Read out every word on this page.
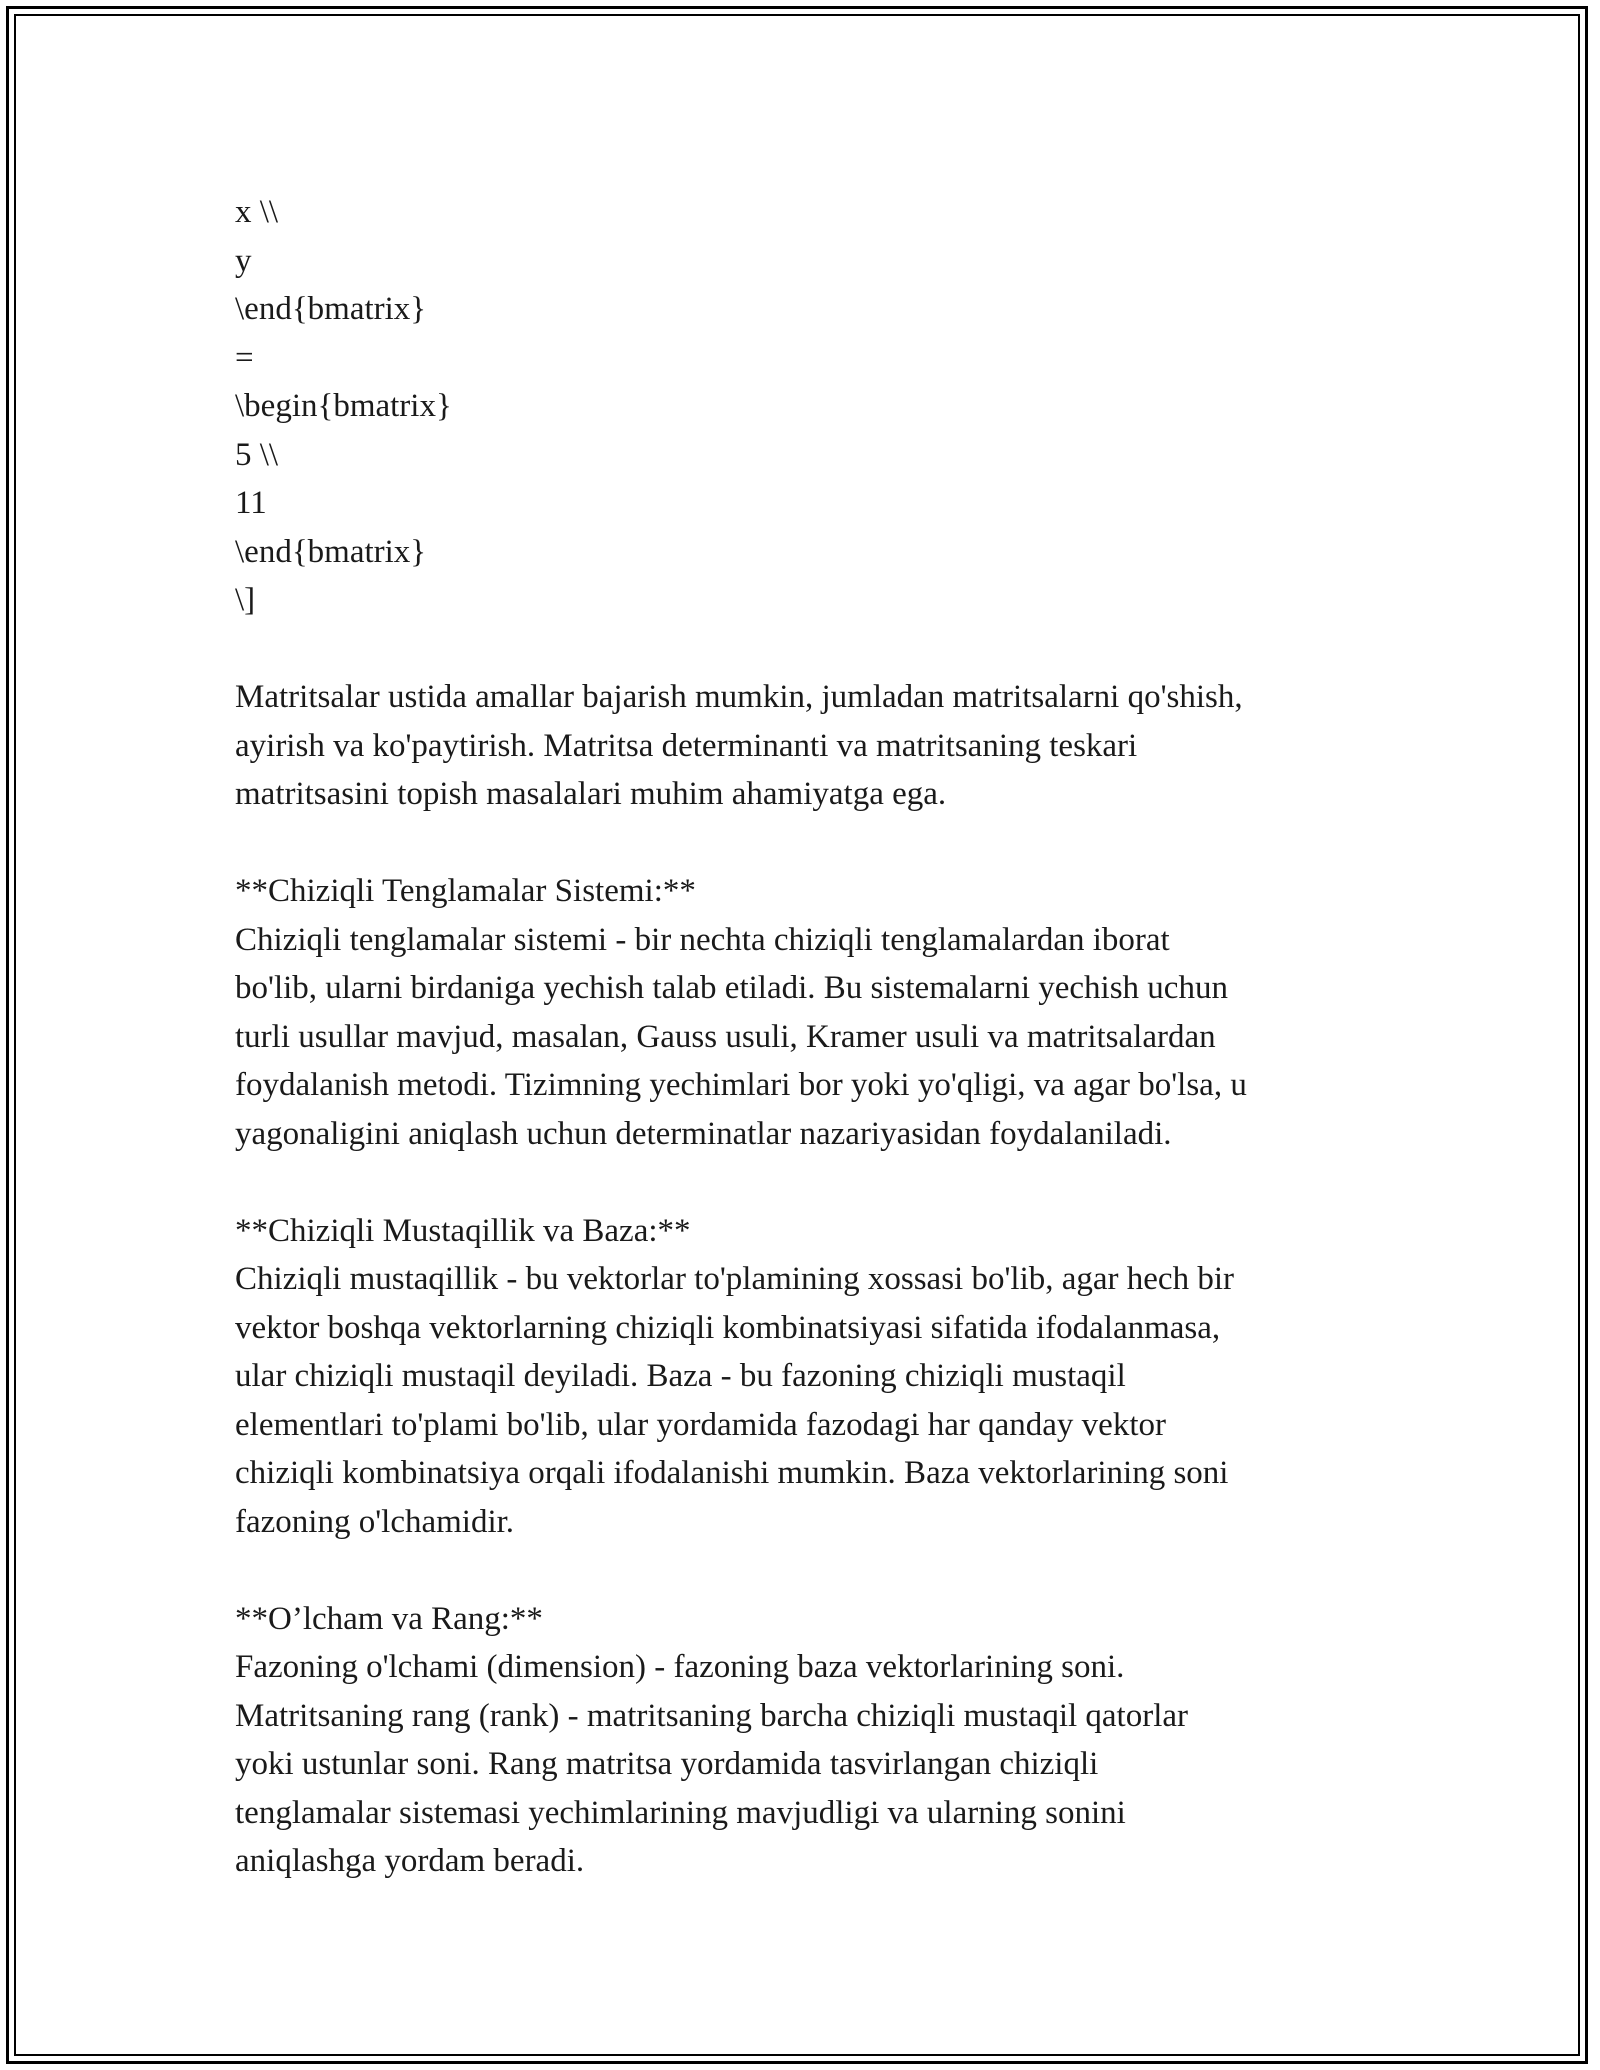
x \\
y
\end{bmatrix}
=
\begin{bmatrix}
5 \\
11
\end{bmatrix}
\]
Matritsalar ustida amallar bajarish mumkin, jumladan matritsalarni qo'shish,
ayirish va ko'paytirish. Matritsa determinanti va matritsaning teskari
matritsasini topish masalalari muhim ahamiyatga ega.
**Chiziqli Tenglamalar Sistemi:**
Chiziqli tenglamalar sistemi - bir nechta chiziqli tenglamalardan iborat
bo'lib, ularni birdaniga yechish talab etiladi. Bu sistemalarni yechish uchun
turli usullar mavjud, masalan, Gauss usuli, Kramer usuli va matritsalardan
foydalanish metodi. Tizimning yechimlari bor yoki yo'qligi, va agar bo'lsa, u
yagonaligini aniqlash uchun determinatlar nazariyasidan foydalaniladi.
**Chiziqli Mustaqillik va Baza:**
Chiziqli mustaqillik - bu vektorlar to'plamining xossasi bo'lib, agar hech bir
vektor boshqa vektorlarning chiziqli kombinatsiyasi sifatida ifodalanmasa,
ular chiziqli mustaqil deyiladi. Baza - bu fazoning chiziqli mustaqil
elementlari to'plami bo'lib, ular yordamida fazodagi har qanday vektor
chiziqli kombinatsiya orqali ifodalanishi mumkin. Baza vektorlarining soni
fazoning o'lchamidir.
**O’lcham va Rang:**
Fazoning o'lchami (dimension) - fazoning baza vektorlarining soni.
Matritsaning rang (rank) - matritsaning barcha chiziqli mustaqil qatorlar
yoki ustunlar soni. Rang matritsa yordamida tasvirlangan chiziqli
tenglamalar sistemasi yechimlarining mavjudligi va ularning sonini
aniqlashga yordam beradi.
